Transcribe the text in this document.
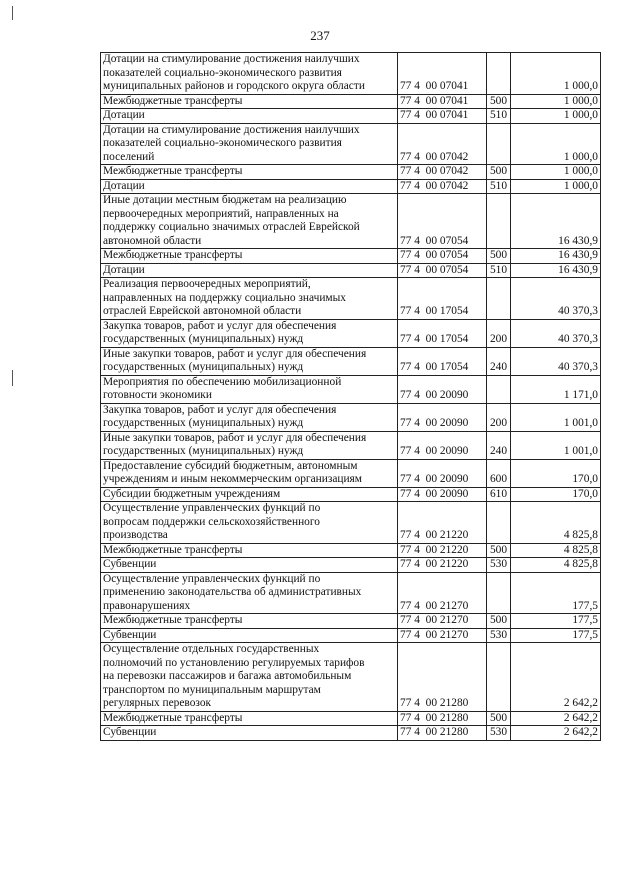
237
Дотации на стимулирование достижения наилучших
показателей социально-экономического развития
муниципальных районов и городского округа области	77 4  00 07041		1 000,0
Межбюджетные трансферты	77 4  00 07041	500	1 000,0
Дотации	77 4  00 07041	510	1 000,0
Дотации на стимулирование достижения наилучших
показателей социально-экономического развития
поселений	77 4  00 07042		1 000,0
Межбюджетные трансферты	77 4  00 07042	500	1 000,0
Дотации	77 4  00 07042	510	1 000,0
Иные дотации местным бюджетам на реализацию
первоочередных мероприятий, направленных на
поддержку социально значимых отраслей Еврейской
автономной области	77 4  00 07054		16 430,9
Межбюджетные трансферты	77 4  00 07054	500	16 430,9
Дотации	77 4  00 07054	510	16 430,9
Реализация первоочередных мероприятий,
направленных на поддержку социально значимых
отраслей Еврейской автономной области	77 4  00 17054		40 370,3
Закупка товаров, работ и услуг для обеспечения
государственных (муниципальных) нужд	77 4  00 17054	200	40 370,3
Иные закупки товаров, работ и услуг для обеспечения
государственных (муниципальных) нужд	77 4  00 17054	240	40 370,3
Мероприятия по обеспечению мобилизационной
готовности экономики	77 4  00 20090		1 171,0
Закупка товаров, работ и услуг для обеспечения
государственных (муниципальных) нужд	77 4  00 20090	200	1 001,0
Иные закупки товаров, работ и услуг для обеспечения
государственных (муниципальных) нужд	77 4  00 20090	240	1 001,0
Предоставление субсидий бюджетным, автономным
учреждениям и иным некоммерческим организациям	77 4  00 20090	600	170,0
Субсидии бюджетным учреждениям	77 4  00 20090	610	170,0
Осуществление управленческих функций по
вопросам поддержки сельскохозяйственного
производства	77 4  00 21220		4 825,8
Межбюджетные трансферты	77 4  00 21220	500	4 825,8
Субвенции	77 4  00 21220	530	4 825,8
Осуществление управленческих функций по
применению законодательства об административных
правонарушениях	77 4  00 21270		177,5
Межбюджетные трансферты	77 4  00 21270	500	177,5
Субвенции	77 4  00 21270	530	177,5
Осуществление отдельных государственных
полномочий по установлению регулируемых тарифов
на перевозки пассажиров и багажа автомобильным
транспортом по муниципальным маршрутам
регулярных перевозок	77 4  00 21280		2 642,2
Межбюджетные трансферты	77 4  00 21280	500	2 642,2
Субвенции	77 4  00 21280	530	2 642,2
